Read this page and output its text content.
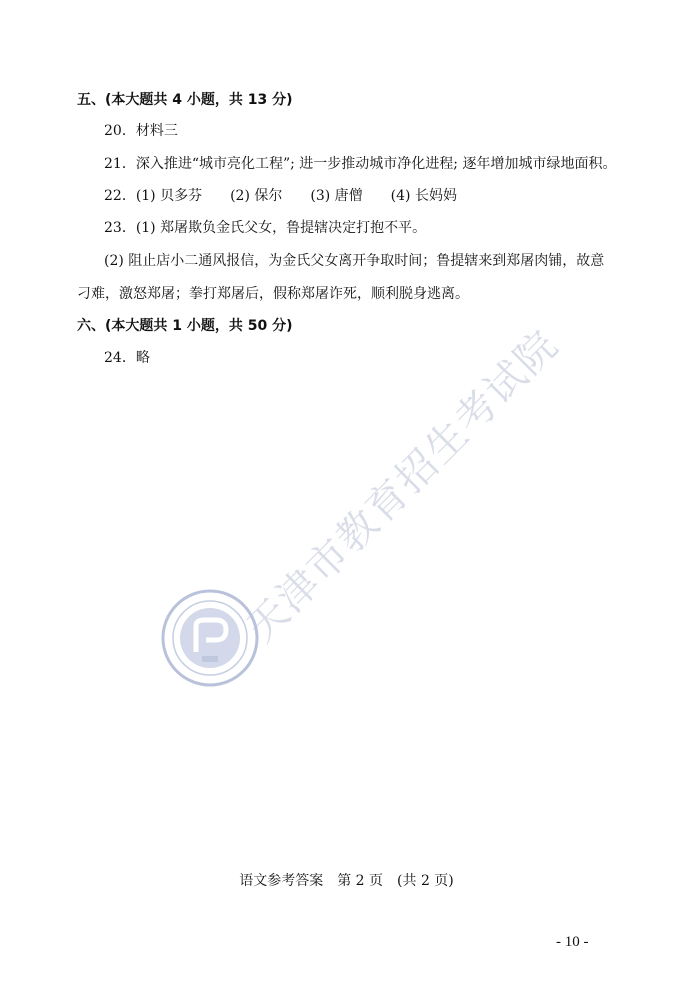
五、(本大题共 4 小题，共 13 分)
20．材料三
21．深入推进“城市亮化工程”; 进一步推动城市净化进程; 逐年增加城市绿地面积。
22．(1) 贝多芬　　(2) 保尔　　(3) 唐僧　　(4) 长妈妈
23．(1) 郑屠欺负金氏父女，鲁提辖决定打抱不平。
(2) 阻止店小二通风报信，为金氏父女离开争取时间；鲁提辖来到郑屠肉铺，故意
刁难，激怒郑屠；拳打郑屠后，假称郑屠诈死，顺利脱身逃离。
六、(本大题共 1 小题，共 50 分)
24．略 天津市教育招生考试院
语文参考答案　第 2 页　(共 2 页)
- 10 -
